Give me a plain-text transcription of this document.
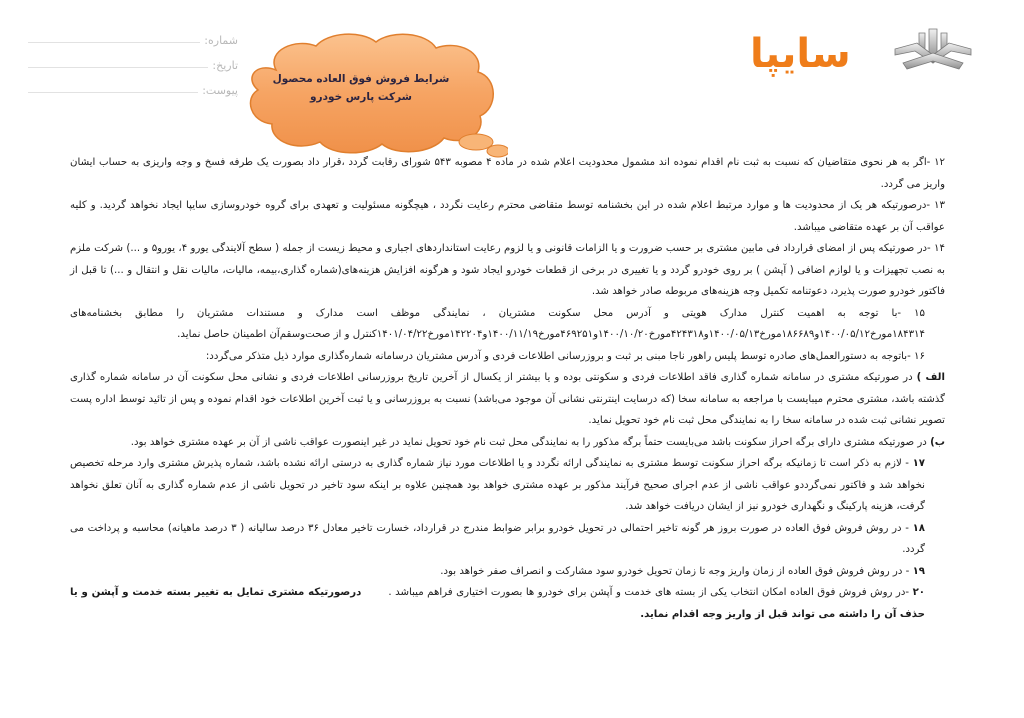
شماره:
تاریخ:
پیوست:
شرایط فروش فوق العاده محصول
شرکت پارس خودرو
سایپا

۱۲ -اگر به هر نحوی متقاضیان که نسبت به ثبت نام اقدام نموده اند مشمول محدودیت اعلام شده در ماده ۴ مصوبه ۵۴۳ شورای رقابت گردد ،قرار داد بصورت یک طرفه فسخ و وجه واریزی به حساب ایشان واریز می گردد.

۱۳ -درصورتیکه هر یک از محدودیت ها و موارد مرتبط اعلام شده در این بخشنامه توسط متقاضی محترم رعایت نگردد ، هیچگونه مسئولیت و تعهدی برای گروه خودروسازی سایپا ایجاد نخواهد گردید. و کلیه عواقب آن بر عهده متقاضی میباشد.

۱۴ -در صورتیکه پس از امضای قرارداد فی مابین مشتری بر حسب ضرورت و یا الزامات قانونی و یا لزوم رعایت استانداردهای اجباری و محیط زیست از جمله ( سطح آلایندگی یورو ۴، یورو۵ و ...) شرکت ملزم به نصب تجهیزات و یا لوازم اضافی ( آپشن ) بر روی خودرو گردد و یا تغییری در برخی از قطعات خودرو ایجاد شود و هرگونه افزایش هزینه‌های(شماره گذاری،بیمه، مالیات، مالیات نقل و انتقال و ...) تا قبل از فاکتور خودرو صورت پذیرد، دعوتنامه تکمیل وجه هزینه‌های مربوطه صادر خواهد شد.

۱۵ -با توجه به اهمیت کنترل مدارک هویتی و آدرس محل سکونت مشتریان ، نمایندگی موظف است مدارک و مستندات مشتریان را مطابق بخشنامه‌های ۱۸۴۳۱۴مورخ۱۴۰۰/۰۵/۱۲و۱۸۶۶۸۹مورخ۱۴۰۰/۰۵/۱۳و۴۲۴۳۱۸مورخ۱۴۰۰/۱۰/۲۰و۴۶۹۲۵۱مورخ۱۴۰۰/۱۱/۱۹و۱۴۲۲۰۴مورخ۱۴۰۱/۰۴/۲۲کنترل و از صحت‌وسقم‌آن اطمینان حاصل نماید.

۱۶ -باتوجه به دستورالعمل‌های صادره توسط پلیس راهور ناجا مبنی بر ثبت و بروزرسانی اطلاعات فردی و آدرس مشتریان درسامانه شماره‌گذاری موارد ذیل متذکر می‌گردد:

الف ) در صورتیکه مشتری در سامانه شماره گذاری فاقد اطلاعات فردی و سکونتی بوده و یا بیشتر از یکسال از آخرین تاریخ بروزرسانی اطلاعات فردی و نشانی محل سکونت آن در سامانه شماره گذاری گذشته باشد، مشتری محترم میبایست با مراجعه به سامانه سخا (که درسایت اینترنتی نشانی آن موجود می‌باشد) نسبت به بروزرسانی و یا ثبت آخرین اطلاعات خود اقدام نموده و پس از تائید توسط اداره پست تصویر نشانی ثبت شده در سامانه سخا را به نمایندگی محل ثبت نام خود تحویل نماید.

ب) در صورتیکه مشتری دارای برگه احراز سکونت باشد می‌بایست حتماً برگه مذکور را به نمایندگی محل ثبت نام خود تحویل نماید در غیر اینصورت عواقب ناشی از آن بر عهده مشتری خواهد بود.

۱۷ - لازم به ذکر است تا زمانیکه برگه احراز سکونت توسط مشتری به نمایندگی ارائه نگردد و یا اطلاعات مورد نیاز شماره گذاری به درستی ارائه نشده باشد، شماره پذیرش مشتری وارد مرحله تخصیص نخواهد شد و فاکتور نمی‌گرددو عواقب ناشی از عدم اجرای صحیح فرآیند مذکور بر عهده مشتری خواهد بود همچنین علاوه بر اینکه سود تاخیر در تحویل ناشی از عدم شماره گذاری به آنان تعلق نخواهد گرفت، هزینه پارکینگ و نگهداری خودرو نیز از ایشان دریافت خواهد شد.

۱۸ - در روش فروش فوق العاده در صورت بروز هر گونه تاخیر احتمالی در تحویل خودرو برابر ضوابط مندرج در قرارداد، خسارت تاخیر معادل ۳۶ درصد سالیانه ( ۳ درصد ماهیانه) محاسبه و پرداخت می گردد.

۱۹ - در روش فروش فوق العاده از زمان واریز وجه تا زمان تحویل خودرو سود مشارکت و انصراف صفر خواهد بود.

۲۰ -در روش فروش فوق العاده امکان انتخاب یکی از بسته های خدمت و آپشن برای خودرو ها بصورت اختیاری فراهم میباشد .  درصورتیکه مشتری تمایل به تغییر بسته خدمت و آپشن و یا حذف آن را داشته می تواند قبل از واریز وجه اقدام نماید.
